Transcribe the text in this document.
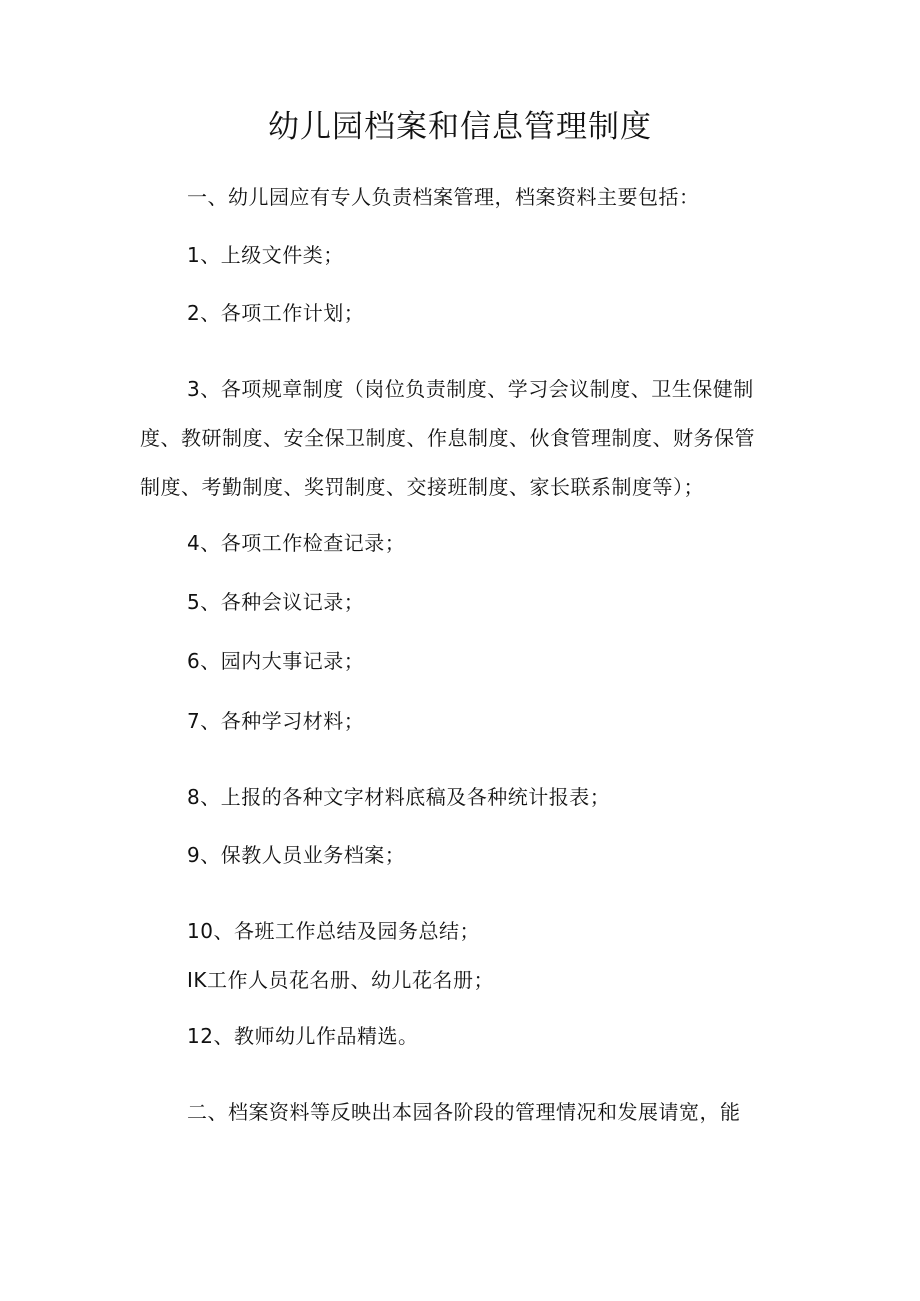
幼儿园档案和信息管理制度
一、幼儿园应有专人负责档案管理，档案资料主要包括：
1、上级文件类；
2、各项工作计划；
3、各项规章制度（岗位负责制度、学习会议制度、卫生保健制
度、教研制度、安全保卫制度、作息制度、伙食管理制度、财务保管
制度、考勤制度、奖罚制度、交接班制度、家长联系制度等）；
4、各项工作检查记录；
5、各种会议记录；
6、园内大事记录；
7、各种学习材料；
8、上报的各种文字材料底稿及各种统计报表；
9、保教人员业务档案；
10、各班工作总结及园务总结；
IK工作人员花名册、幼儿花名册；
12、教师幼儿作品精选。
二、档案资料等反映出本园各阶段的管理情况和发展请宽，能
